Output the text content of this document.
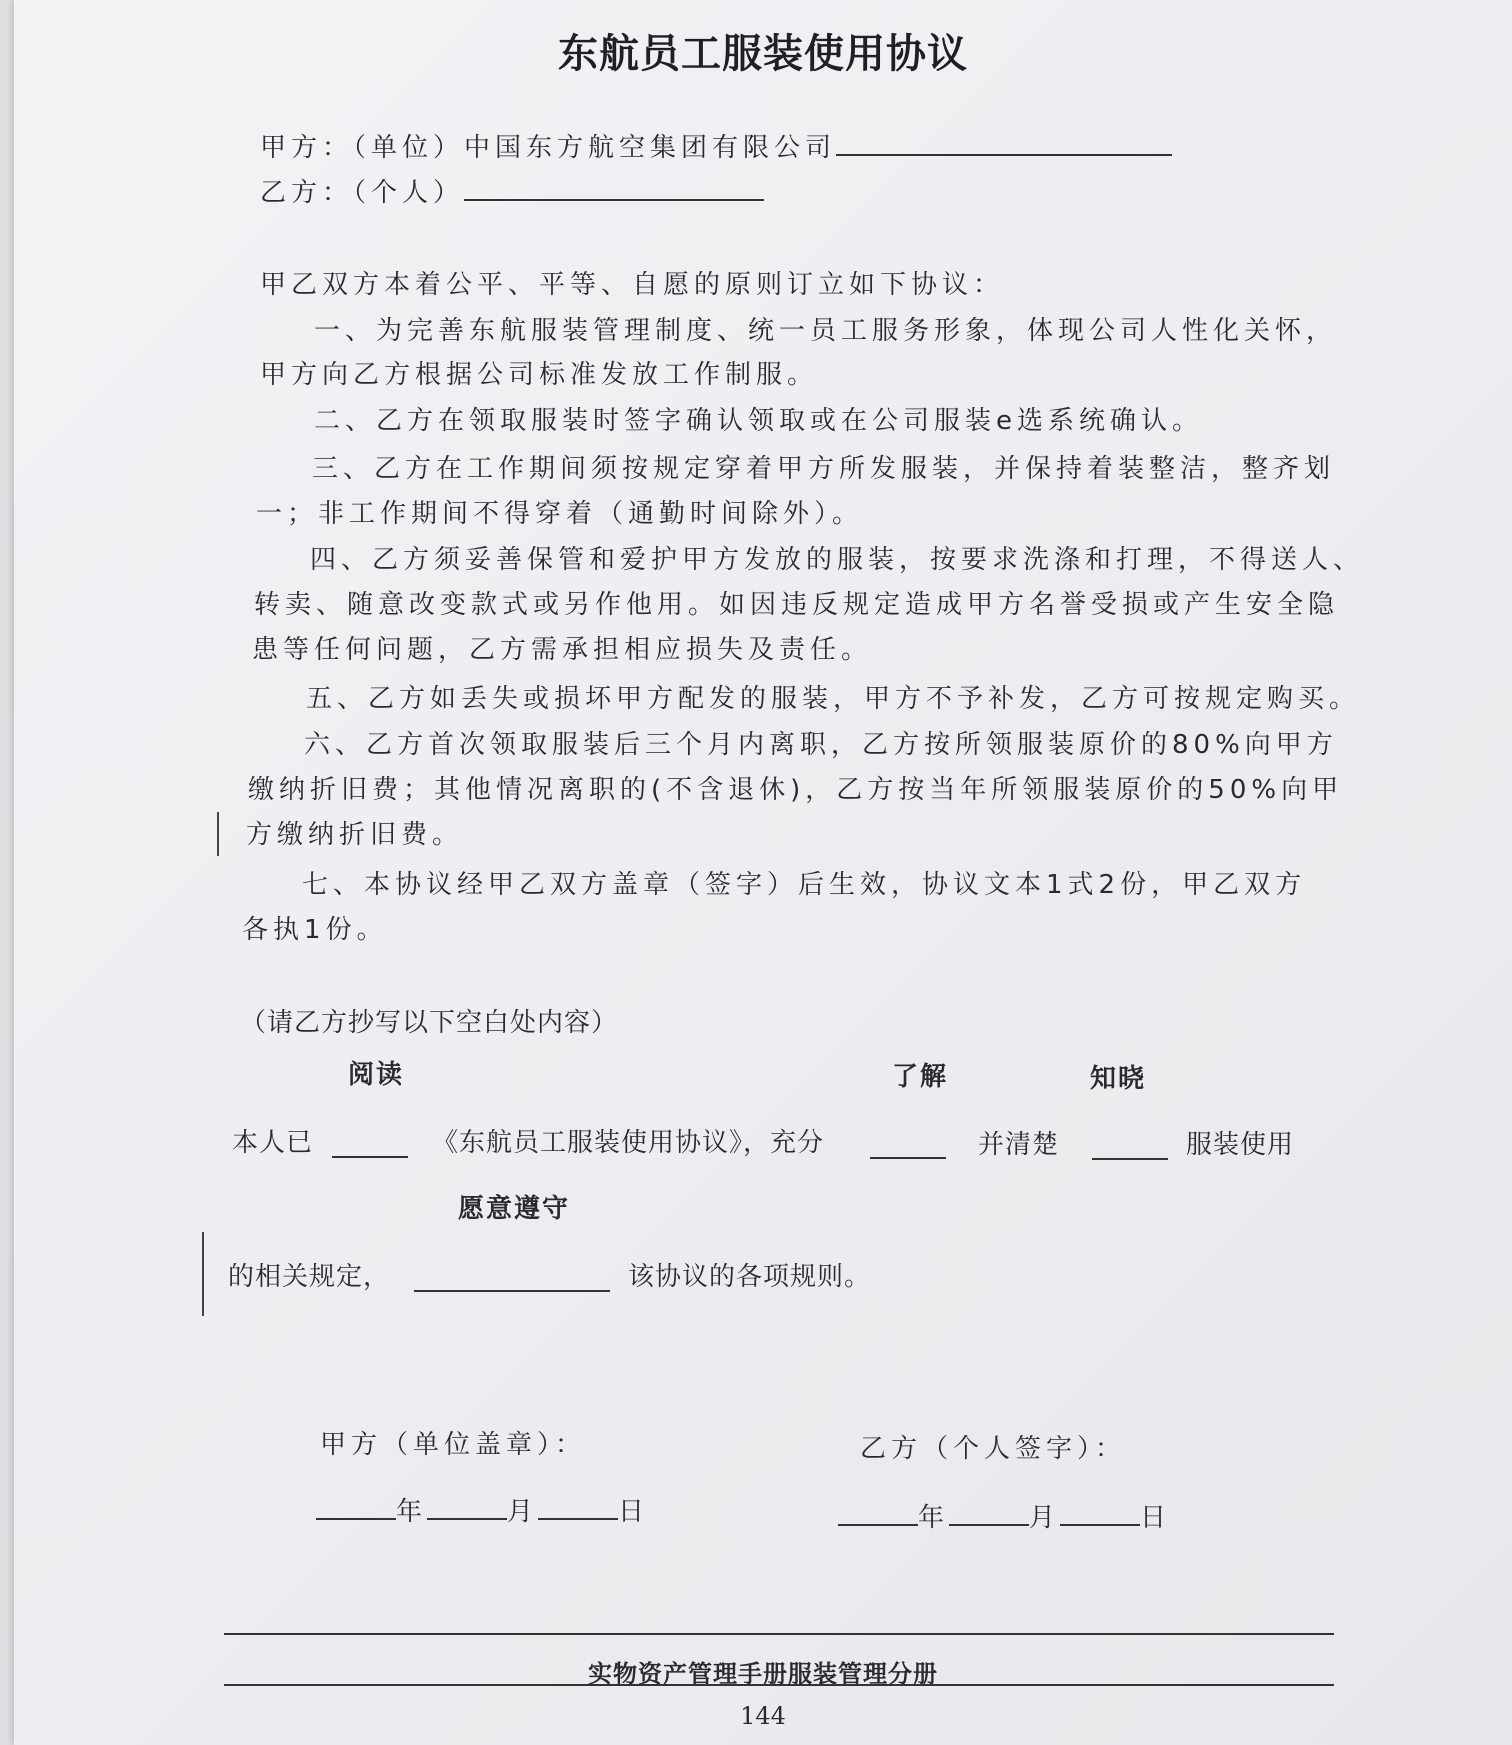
东航员工服装使用协议
甲方：（单位）中国东方航空集团有限公司
乙方：（个人）
甲乙双方本着公平、平等、自愿的原则订立如下协议：
一、为完善东航服装管理制度、统一员工服务形象，体现公司人性化关怀，
甲方向乙方根据公司标准发放工作制服。
二、乙方在领取服装时签字确认领取或在公司服装e选系统确认。
三、乙方在工作期间须按规定穿着甲方所发服装，并保持着装整洁，整齐划
一；非工作期间不得穿着（通勤时间除外）。
四、乙方须妥善保管和爱护甲方发放的服装，按要求洗涤和打理，不得送人、
转卖、随意改变款式或另作他用。如因违反规定造成甲方名誉受损或产生安全隐
患等任何问题，乙方需承担相应损失及责任。
五、乙方如丢失或损坏甲方配发的服装，甲方不予补发，乙方可按规定购买。
六、乙方首次领取服装后三个月内离职，乙方按所领服装原价的80%向甲方
缴纳折旧费；其他情况离职的(不含退休)，乙方按当年所领服装原价的50%向甲
方缴纳折旧费。
七、本协议经甲乙双方盖章（签字）后生效，协议文本1式2份，甲乙双方
各执1份。
（请乙方抄写以下空白处内容）
阅读	了解	知晓
本人已	《东航员工服装使用协议》，充分	并清楚	服装使用
愿意遵守
的相关规定，	该协议的各项规则。
甲方（单位盖章）：	乙方（个人签字）：
年	月	日	年	月	日
实物资产管理手册服装管理分册
144
